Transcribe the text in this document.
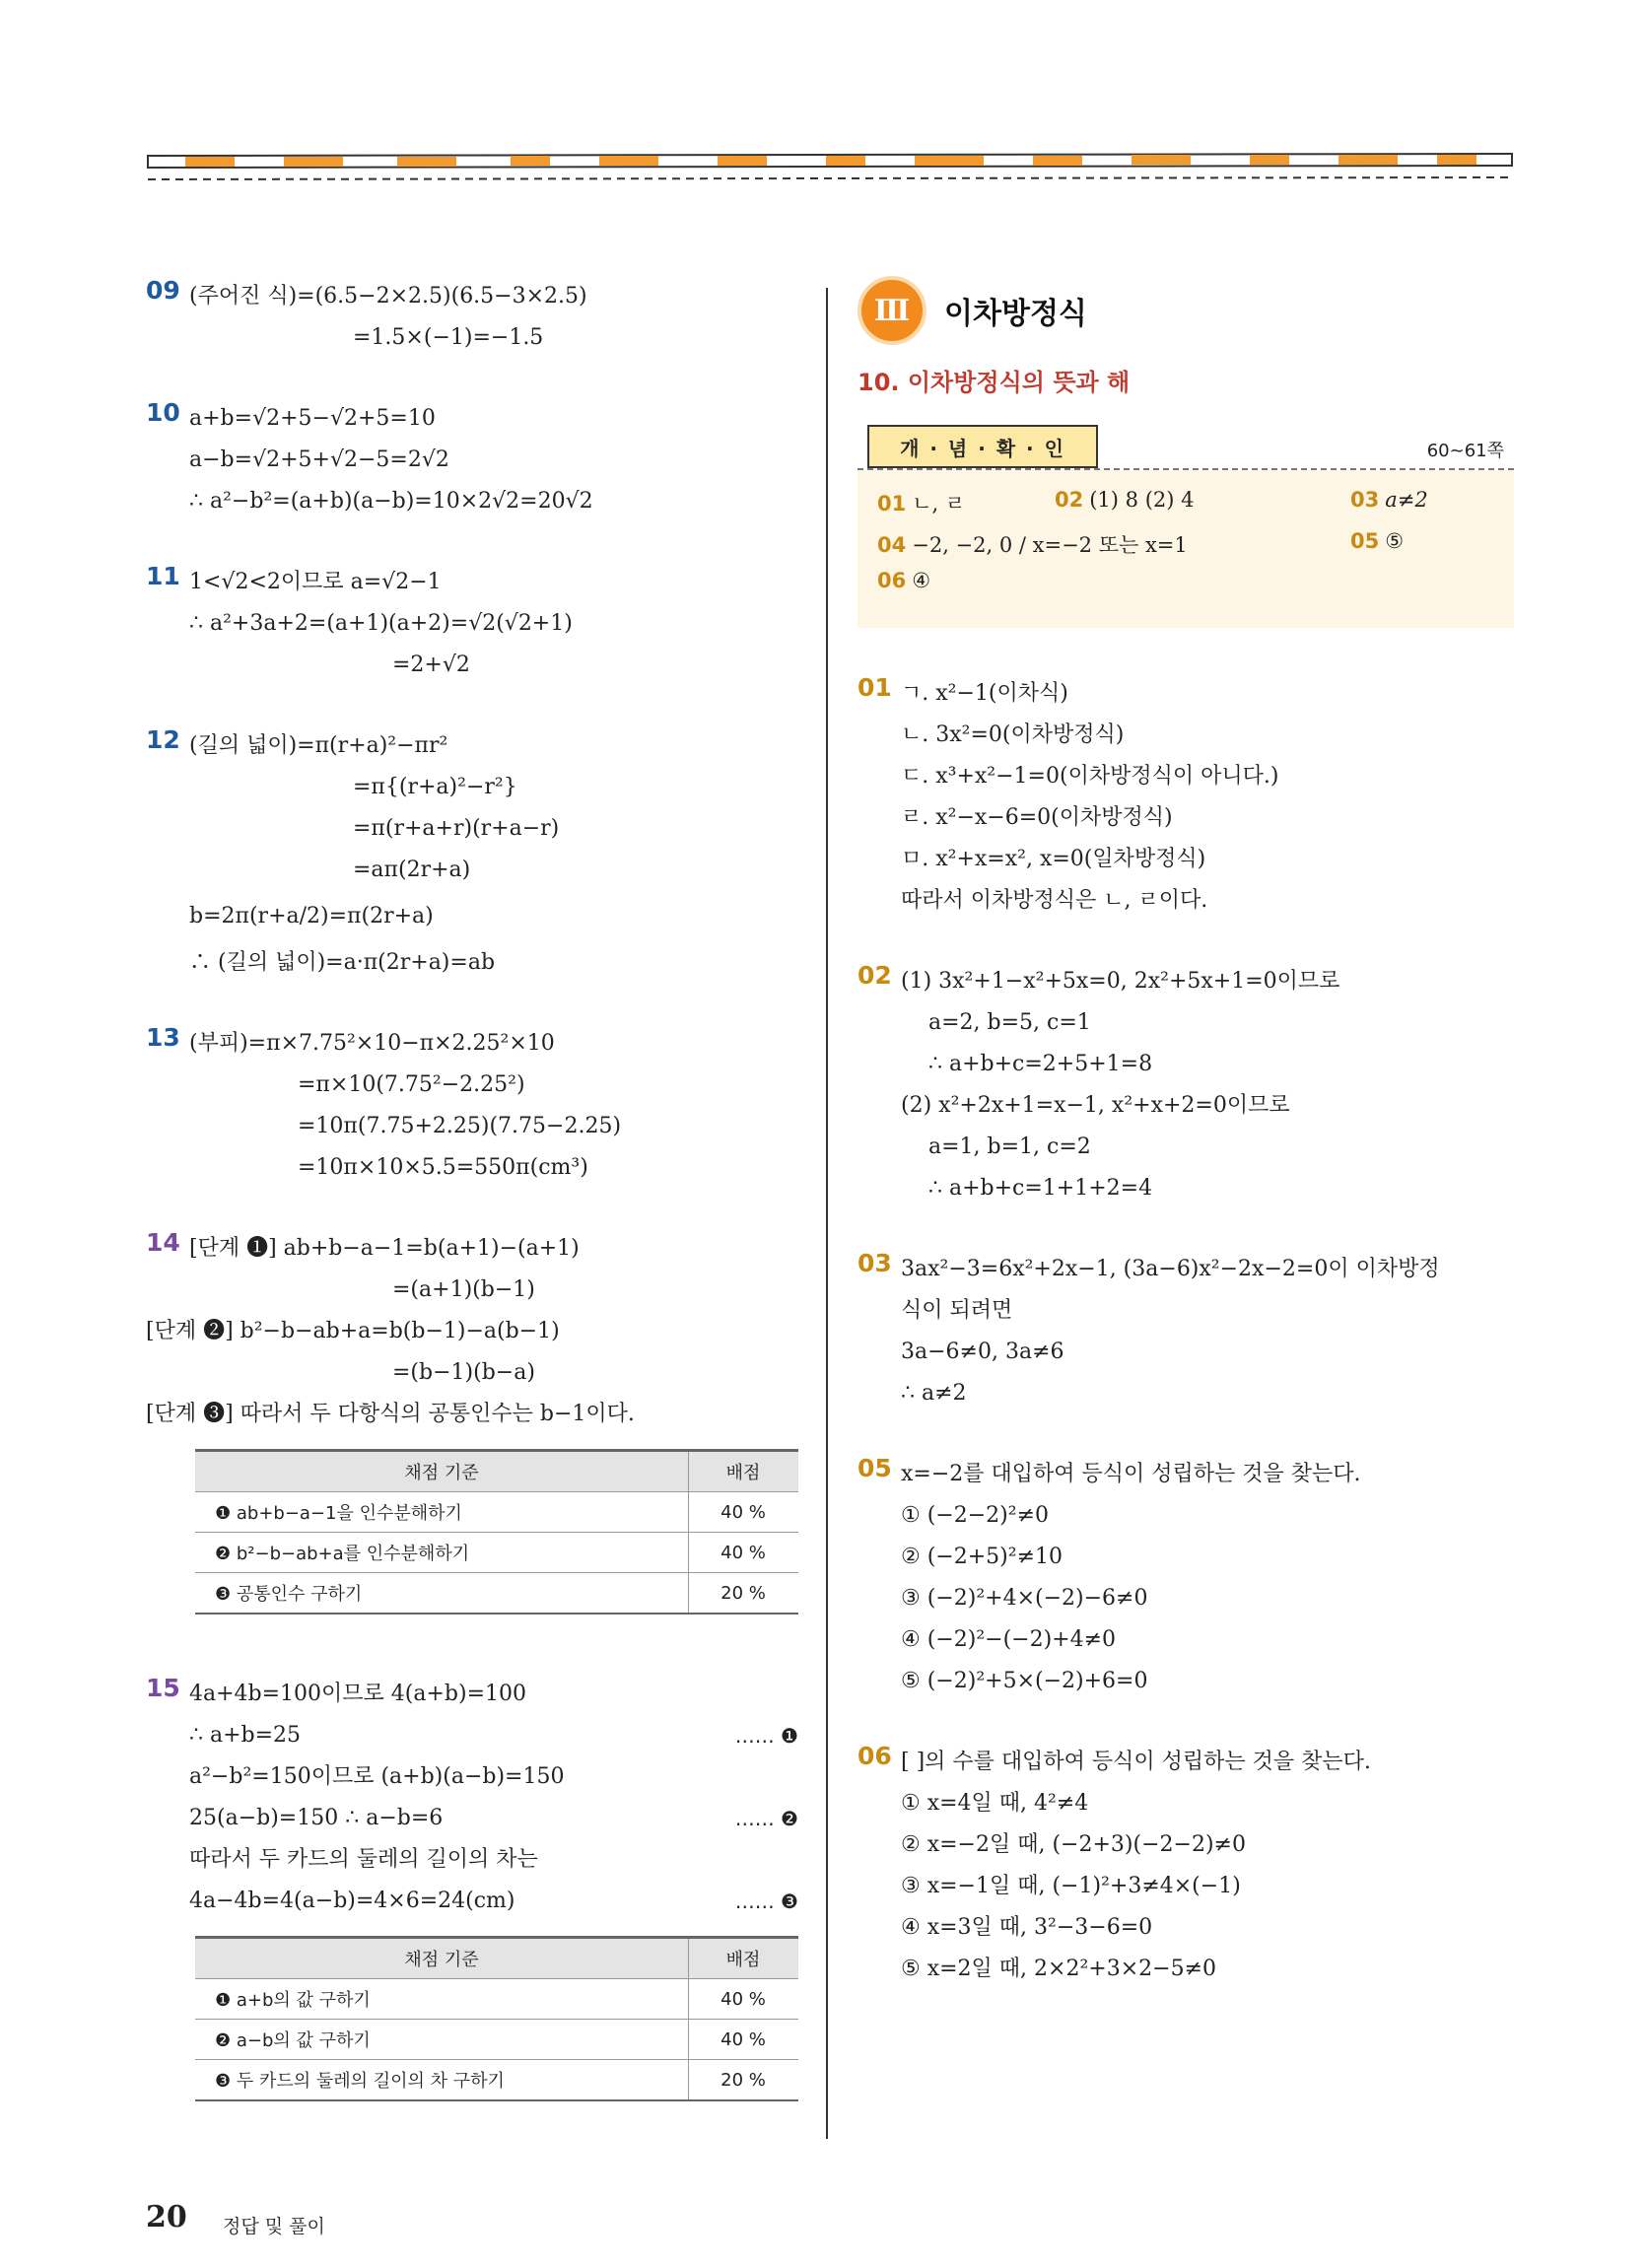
09 (주어진 식)=(6.5−2×2.5)(6.5−3×2.5)
=1.5×(−1)=−1.5
10 a+b=√2+5−√2+5=10
a−b=√2+5+√2−5=2√2
∴ a²−b²=(a+b)(a−b)=10×2√2=20√2
11 1<√2<2이므로 a=√2−1
∴ a²+3a+2=(a+1)(a+2)=√2(√2+1)
=2+√2
12 (길의 넓이)=π(r+a)²−πr²
=π{(r+a)²−r²}
=π(r+a+r)(r+a−r)
=aπ(2r+a)
b=2π(r+a/2)=π(2r+a)
∴ (길의 넓이)=a·π(2r+a)=ab
13 (부피)=π×7.75²×10−π×2.25²×10
=π×10(7.75²−2.25²)
=10π(7.75+2.25)(7.75−2.25)
=10π×10×5.5=550π(cm³)
14 [단계 ❶] ab+b−a−1=b(a+1)−(a+1)
=(a+1)(b−1)
[단계 ❷] b²−b−ab+a=b(b−1)−a(b−1)
=(b−1)(b−a)
[단계 ❸] 따라서 두 다항식의 공통인수는 b−1이다.
채점 기준	배점
❶ ab+b−a−1을 인수분해하기	40 %
❷ b²−b−ab+a를 인수분해하기	40 %
❸ 공통인수 구하기	20 %
15 4a+4b=100이므로 4(a+b)=100
∴ a+b=25	…… ❶
a²−b²=150이므로 (a+b)(a−b)=150
25(a−b)=150 ∴ a−b=6	…… ❷
따라서 두 카드의 둘레의 길이의 차는
4a−4b=4(a−b)=4×6=24(cm)	…… ❸
채점 기준	배점
❶ a+b의 값 구하기	40 %
❷ a−b의 값 구하기	40 %
❸ 두 카드의 둘레의 길이의 차 구하기	20 %
Ⅲ	이차방정식
10. 이차방정식의 뜻과 해
개 · 념 · 확 · 인	60~61쪽
01 ㄴ, ㄹ	02 (1) 8 (2) 4	03 a≠2
04 −2, −2, 0 / x=−2 또는 x=1	05 ⑤
06 ④
01 ㄱ. x²−1(이차식)
ㄴ. 3x²=0(이차방정식)
ㄷ. x³+x²−1=0(이차방정식이 아니다.)
ㄹ. x²−x−6=0(이차방정식)
ㅁ. x²+x=x², x=0(일차방정식)
따라서 이차방정식은 ㄴ, ㄹ이다.
02 (1) 3x²+1−x²+5x=0, 2x²+5x+1=0이므로
a=2, b=5, c=1
∴ a+b+c=2+5+1=8
(2) x²+2x+1=x−1, x²+x+2=0이므로
a=1, b=1, c=2
∴ a+b+c=1+1+2=4
03 3ax²−3=6x²+2x−1, (3a−6)x²−2x−2=0이 이차방정
식이 되려면
3a−6≠0, 3a≠6
∴ a≠2
05 x=−2를 대입하여 등식이 성립하는 것을 찾는다.
① (−2−2)²≠0
② (−2+5)²≠10
③ (−2)²+4×(−2)−6≠0
④ (−2)²−(−2)+4≠0
⑤ (−2)²+5×(−2)+6=0
06 [ ]의 수를 대입하여 등식이 성립하는 것을 찾는다.
① x=4일 때, 4²≠4
② x=−2일 때, (−2+3)(−2−2)≠0
③ x=−1일 때, (−1)²+3≠4×(−1)
④ x=3일 때, 3²−3−6=0
⑤ x=2일 때, 2×2²+3×2−5≠0
20 정답 및 풀이
